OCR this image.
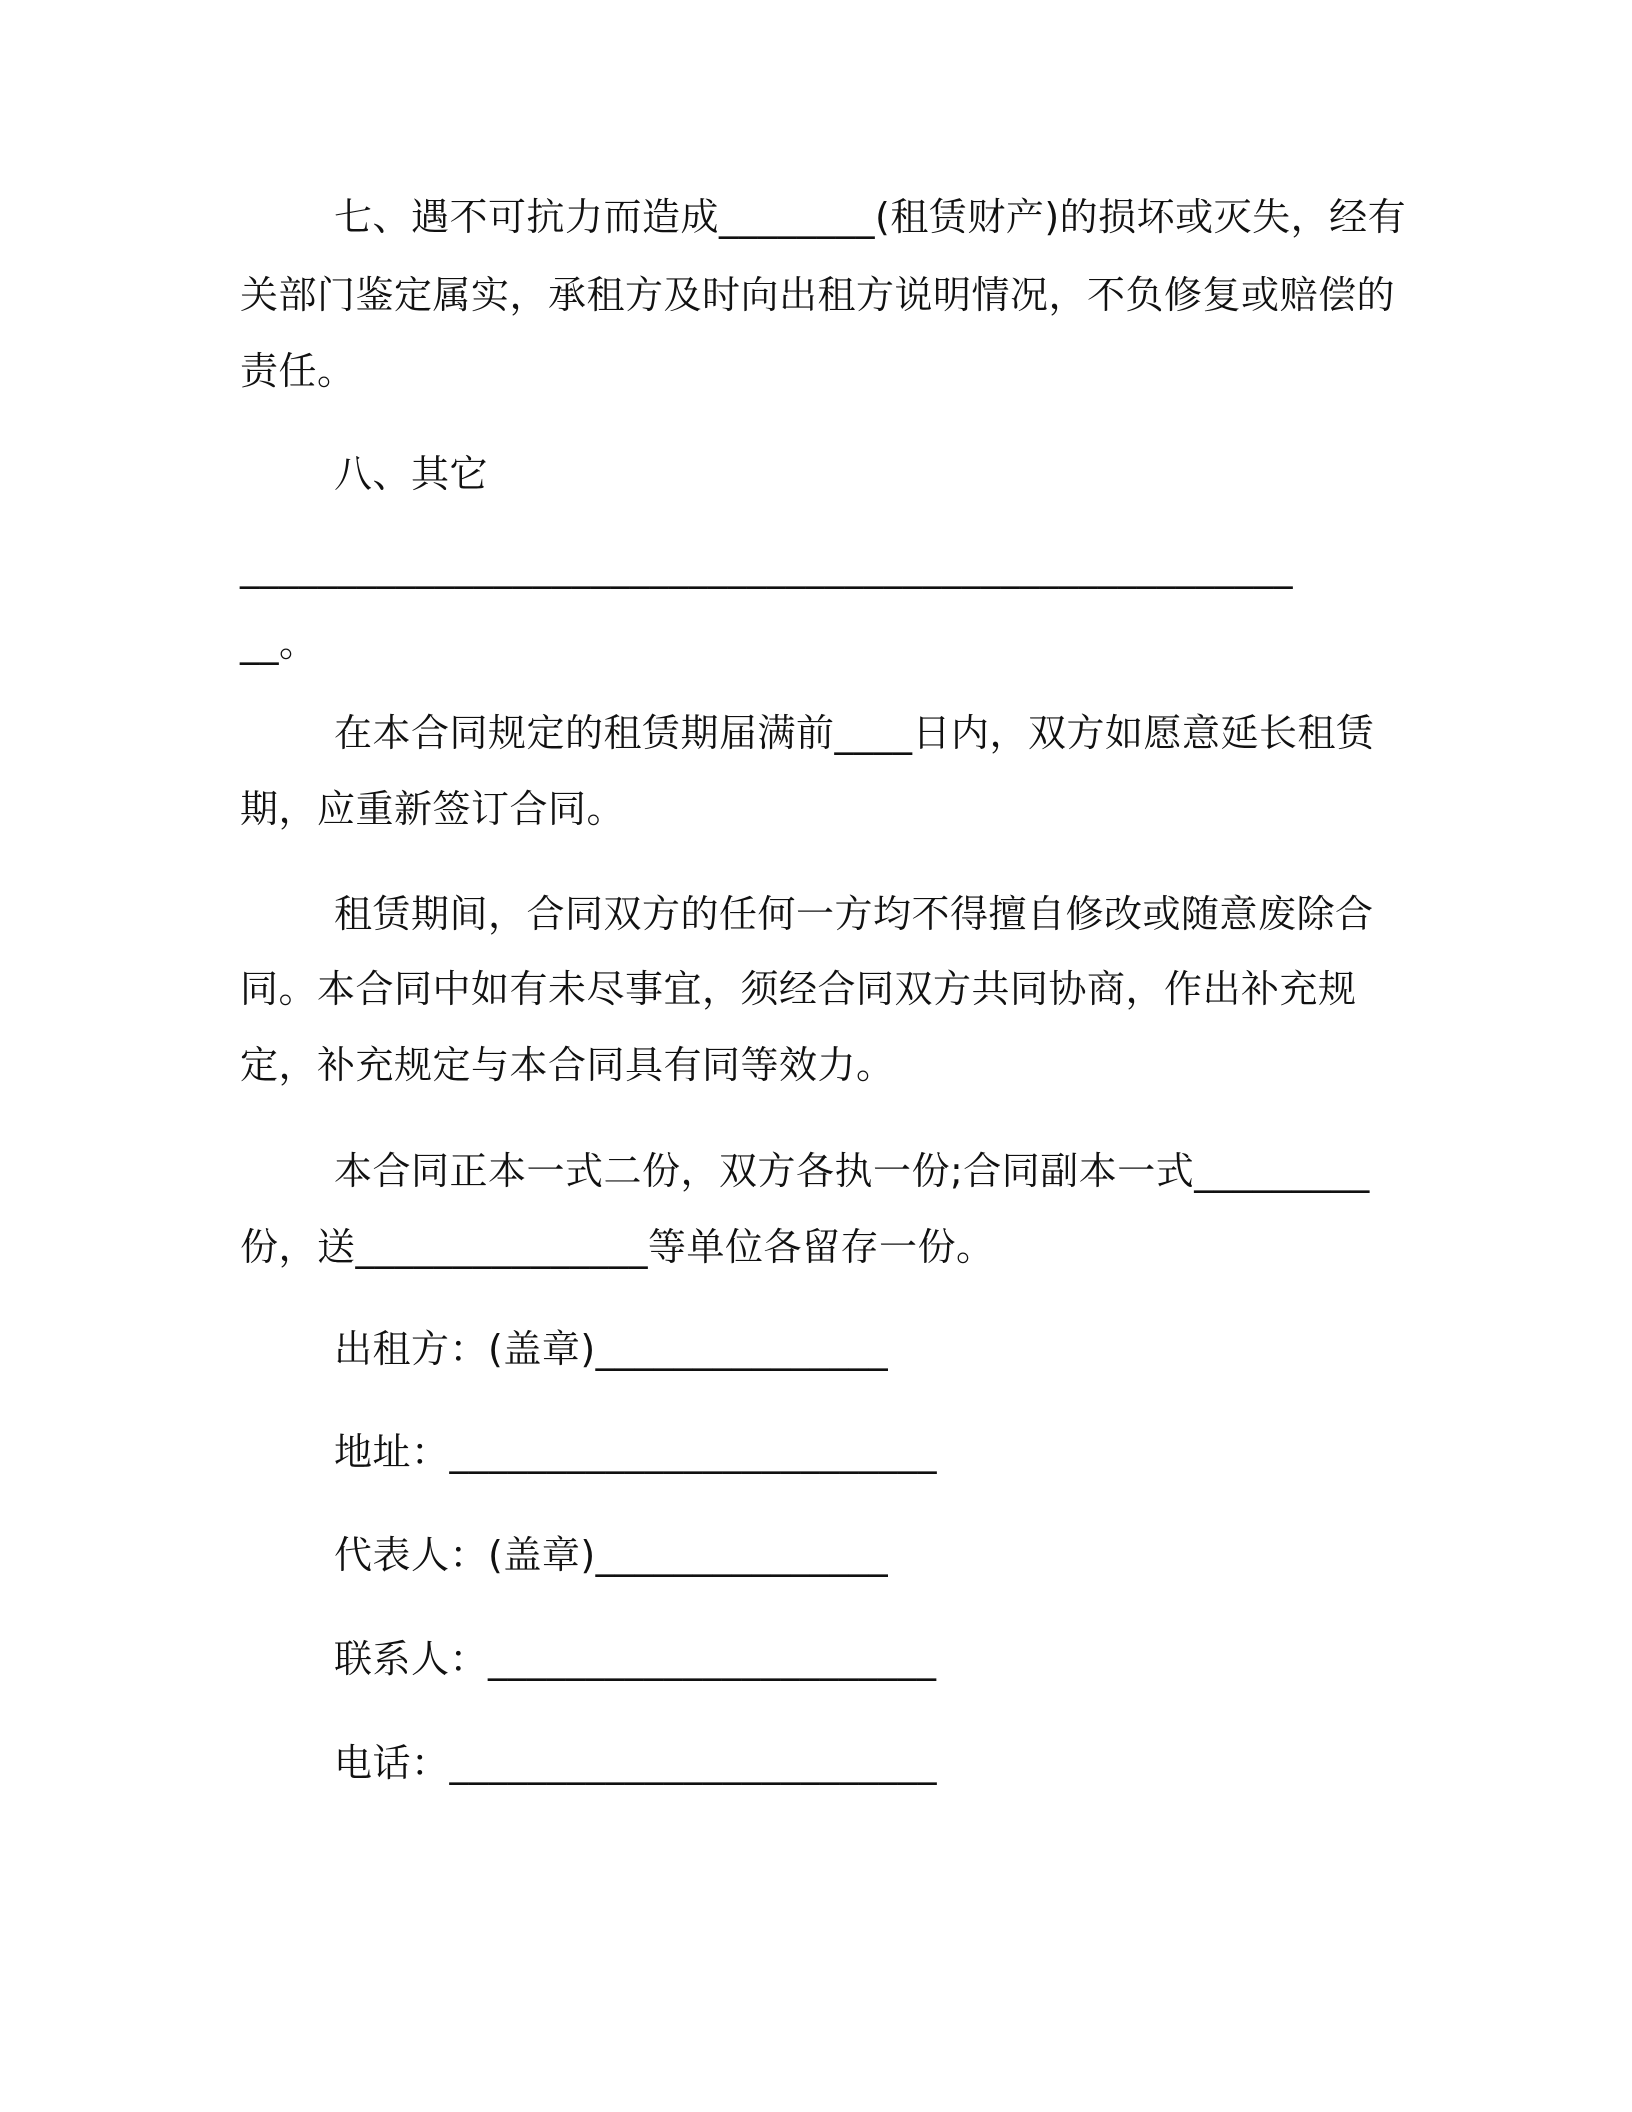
七、遇不可抗力而造成________(租赁财产)的损坏或灭失，经有
关部门鉴定属实，承租方及时向出租方说明情况，不负修复或赔偿的
责任。
八、其它
______________________________________________________
__。
在本合同规定的租赁期届满前____日内，双方如愿意延长租赁
期，应重新签订合同。
租赁期间，合同双方的任何一方均不得擅自修改或随意废除合
同。本合同中如有未尽事宜，须经合同双方共同协商，作出补充规
定，补充规定与本合同具有同等效力。
本合同正本一式二份，双方各执一份;合同副本一式_________
份，送_______________等单位各留存一份。
出租方：(盖章)_______________
地址：_________________________
代表人：(盖章)_______________
联系人：_______________________
电话：_________________________
